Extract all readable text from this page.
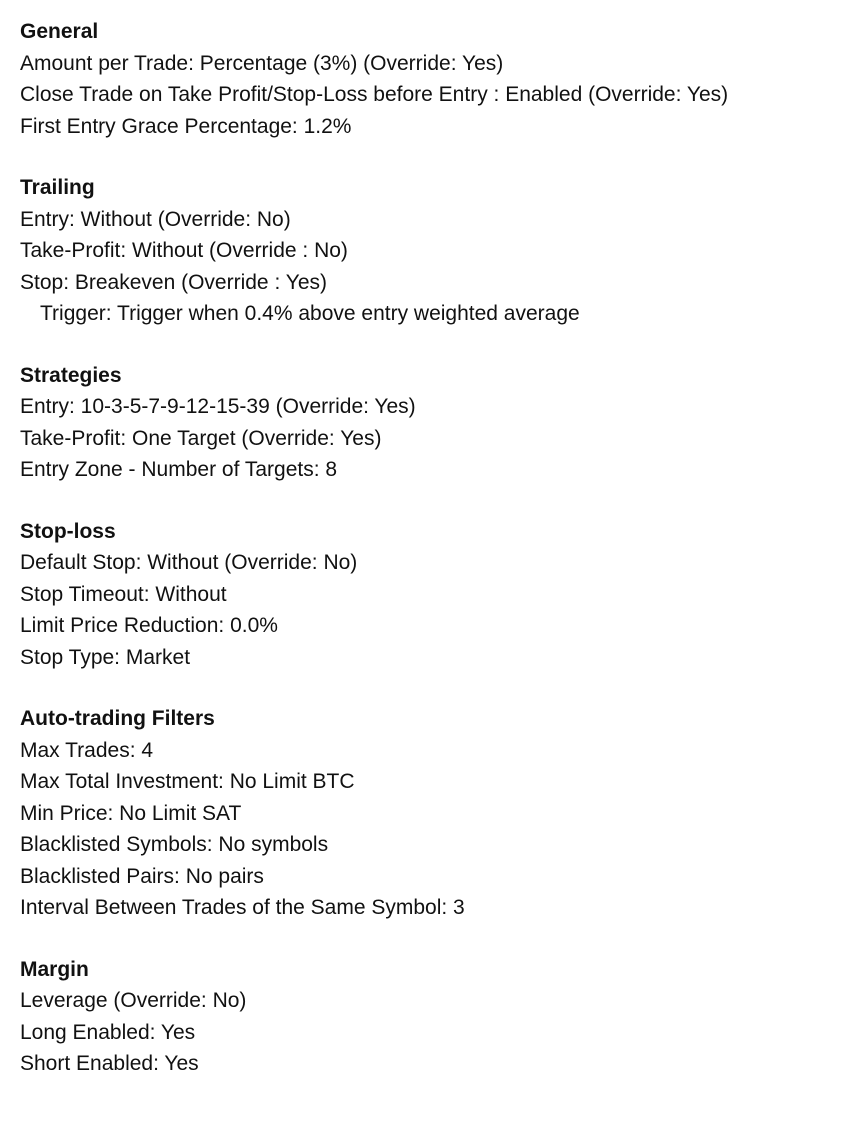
General

Amount per Trade: Percentage (3%) (Override: Yes)

Close Trade on Take Profit/Stop-Loss before Entry : Enabled (Override: Yes)

First Entry Grace Percentage: 1.2%

Trailing

Entry: Without (Override: No)

Take-Profit: Without (Override : No)

Stop: Breakeven (Override : Yes)

Trigger: Trigger when 0.4% above entry weighted average

Strategies

Entry: 10-3-5-7-9-12-15-39 (Override: Yes)

Take-Profit: One Target (Override: Yes)

Entry Zone - Number of Targets: 8

Stop-loss

Default Stop: Without (Override: No)

Stop Timeout: Without

Limit Price Reduction: 0.0%

Stop Type: Market

Auto-trading Filters

Max Trades: 4

Max Total Investment: No Limit BTC

Min Price: No Limit SAT

Blacklisted Symbols: No symbols

Blacklisted Pairs: No pairs

Interval Between Trades of the Same Symbol: 3

Margin

Leverage (Override: No)

Long Enabled: Yes

Short Enabled: Yes
